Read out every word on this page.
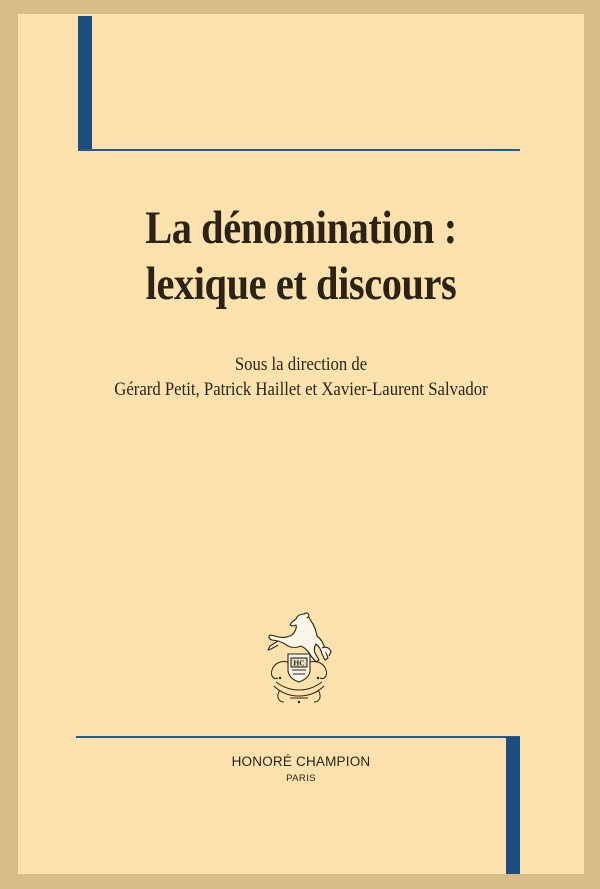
La dénomination :
lexique et discours

Sous la direction de

Gérard Petit, Patrick Haillet et Xavier-Laurent Salvador

HC

HONORÉ CHAMPION

PARIS
